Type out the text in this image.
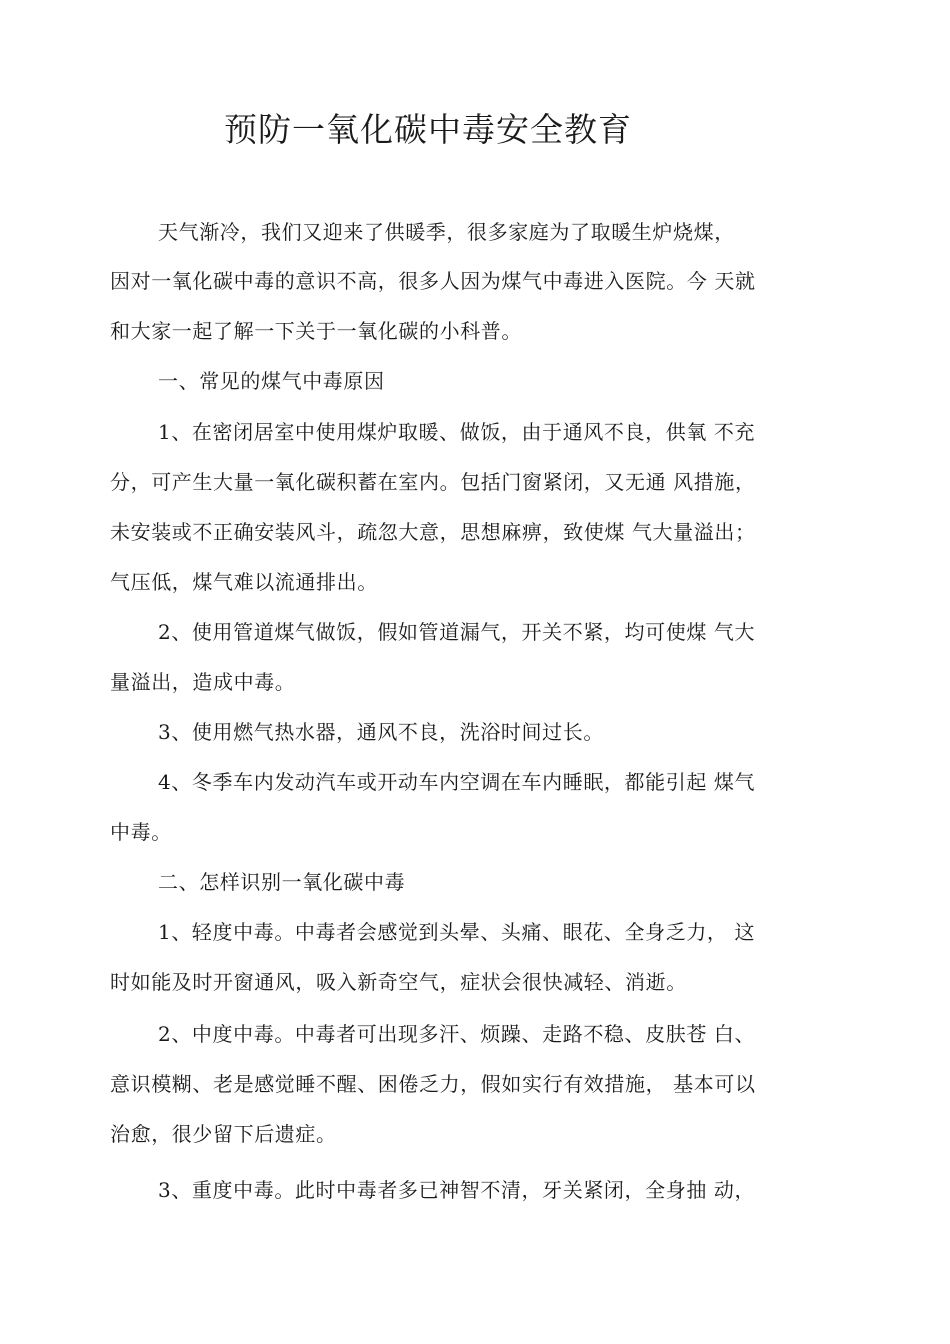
预防一氧化碳中毒安全教育
天气渐冷，我们又迎来了供暖季，很多家庭为了取暖生炉烧煤，
因对一氧化碳中毒的意识不高，很多人因为煤气中毒进入医院。今 天就
和大家一起了解一下关于一氧化碳的小科普。
一、常见的煤气中毒原因
1、在密闭居室中使用煤炉取暖、做饭，由于通风不良，供氧 不充
分，可产生大量一氧化碳积蓄在室内。包括门窗紧闭，又无通 风措施，
未安装或不正确安装风斗，疏忽大意，思想麻痹，致使煤 气大量溢出；
气压低，煤气难以流通排出。
2、使用管道煤气做饭，假如管道漏气，开关不紧，均可使煤 气大
量溢出，造成中毒。
3、使用燃气热水器，通风不良，洗浴时间过长。
4、冬季车内发动汽车或开动车内空调在车内睡眠，都能引起 煤气
中毒。
二、怎样识别一氧化碳中毒
1、轻度中毒。中毒者会感觉到头晕、头痛、眼花、全身乏力， 这
时如能及时开窗通风，吸入新奇空气，症状会很快减轻、消逝。
2、中度中毒。中毒者可出现多汗、烦躁、走路不稳、皮肤苍 白、
意识模糊、老是感觉睡不醒、困倦乏力，假如实行有效措施， 基本可以
治愈，很少留下后遗症。
3、重度中毒。此时中毒者多已神智不清，牙关紧闭，全身抽 动，
